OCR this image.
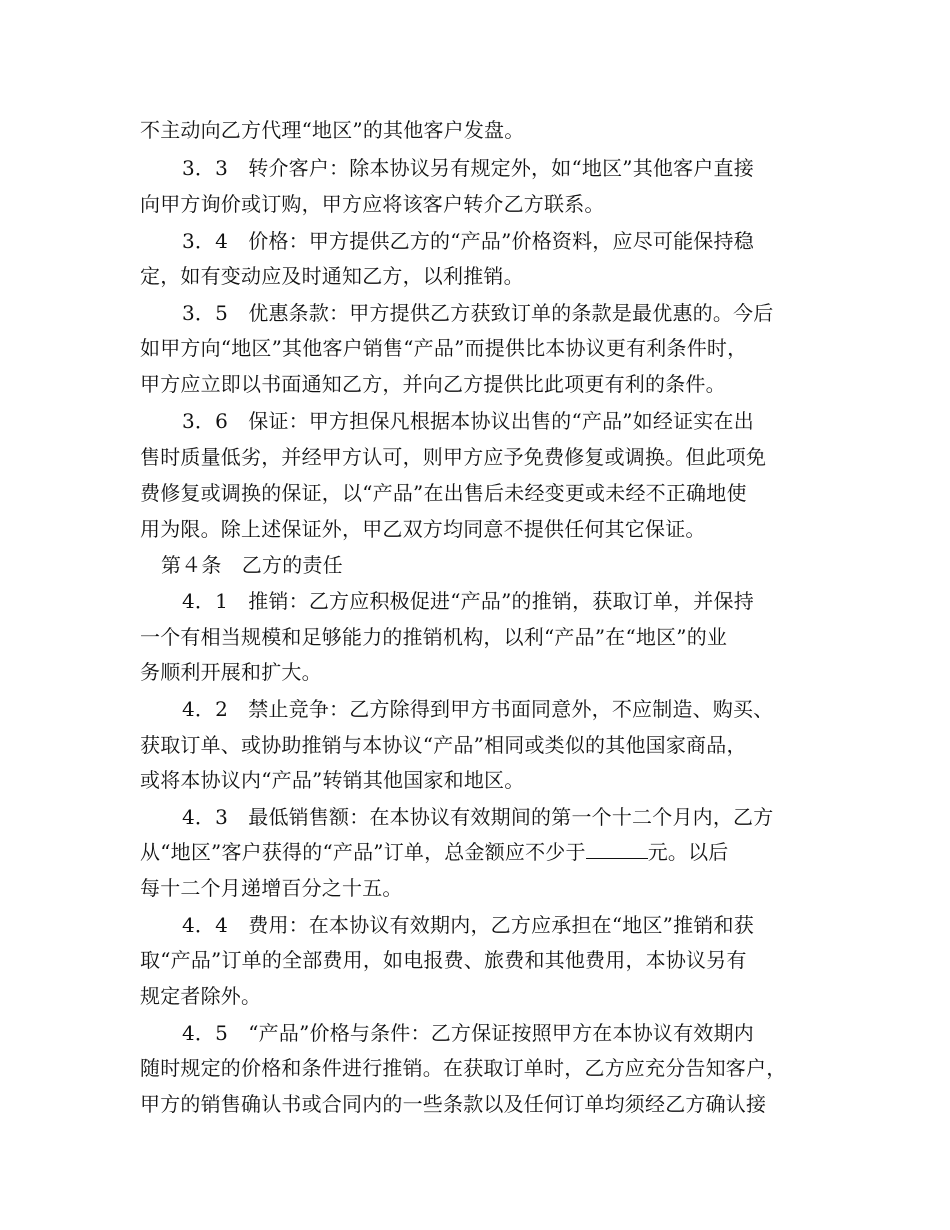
不主动向乙方代理“地区”的其他客户发盘。
3．3　转介客户：除本协议另有规定外，如“地区”其他客户直接
向甲方询价或订购，甲方应将该客户转介乙方联系。
3．4　价格：甲方提供乙方的“产品”价格资料，应尽可能保持稳
定，如有变动应及时通知乙方，以利推销。
3．5　优惠条款：甲方提供乙方获致订单的条款是最优惠的。今后
如甲方向“地区”其他客户销售“产品”而提供比本协议更有利条件时，
甲方应立即以书面通知乙方，并向乙方提供比此项更有利的条件。
3．6　保证：甲方担保凡根据本协议出售的“产品”如经证实在出
售时质量低劣，并经甲方认可，则甲方应予免费修复或调换。但此项免
费修复或调换的保证，以“产品”在出售后未经变更或未经不正确地使
用为限。除上述保证外，甲乙双方均同意不提供任何其它保证。
第４条　乙方的责任
4．1　推销：乙方应积极促进“产品”的推销，获取订单，并保持
一个有相当规模和足够能力的推销机构，以利“产品”在“地区”的业
务顺利开展和扩大。
4．2　禁止竞争：乙方除得到甲方书面同意外，不应制造、购买、
获取订单、或协助推销与本协议“产品”相同或类似的其他国家商品，
或将本协议内“产品”转销其他国家和地区。
4．3　最低销售额：在本协议有效期间的第一个十二个月内，乙方
从“地区”客户获得的“产品”订单，总金额应不少于	元。以后
每十二个月递增百分之十五。
4．4　费用：在本协议有效期内，乙方应承担在“地区”推销和获
取“产品”订单的全部费用，如电报费、旅费和其他费用，本协议另有
规定者除外。
4．5　“产品”价格与条件：乙方保证按照甲方在本协议有效期内
随时规定的价格和条件进行推销。在获取订单时，乙方应充分告知客户，
甲方的销售确认书或合同内的一些条款以及任何订单均须经乙方确认接
